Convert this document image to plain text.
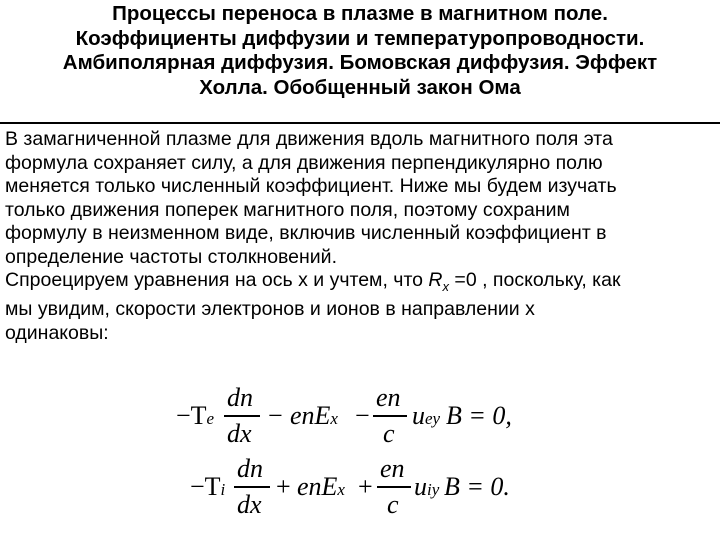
Процессы переноса в плазме в магнитном поле.
Коэффициенты диффузии и температуропроводности.
Амбиполярная диффузия. Бомовская диффузия. Эффект
Холла. Обобщенный закон Ома
В замагниченной плазме для движения вдоль магнитного поля эта
формула сохраняет силу, а для движения перпендикулярно полю
меняется только численный коэффициент. Ниже мы будем изучать
только движения поперек магнитного поля, поэтому сохраним
формулу в неизменном виде, включив численный коэффициент в
определение частоты столкновений.
Спроецируем уравнения на ось x и учтем, что $R_x =0$ , поскольку, как
мы увидим, скорости электронов и ионов в направлении x
одинаковы:
−Te
dn
dx
− enEx −
en
c
uey B = 0,
−Ti
dn
dx
+ enEx +
en
c
uiy B = 0.
